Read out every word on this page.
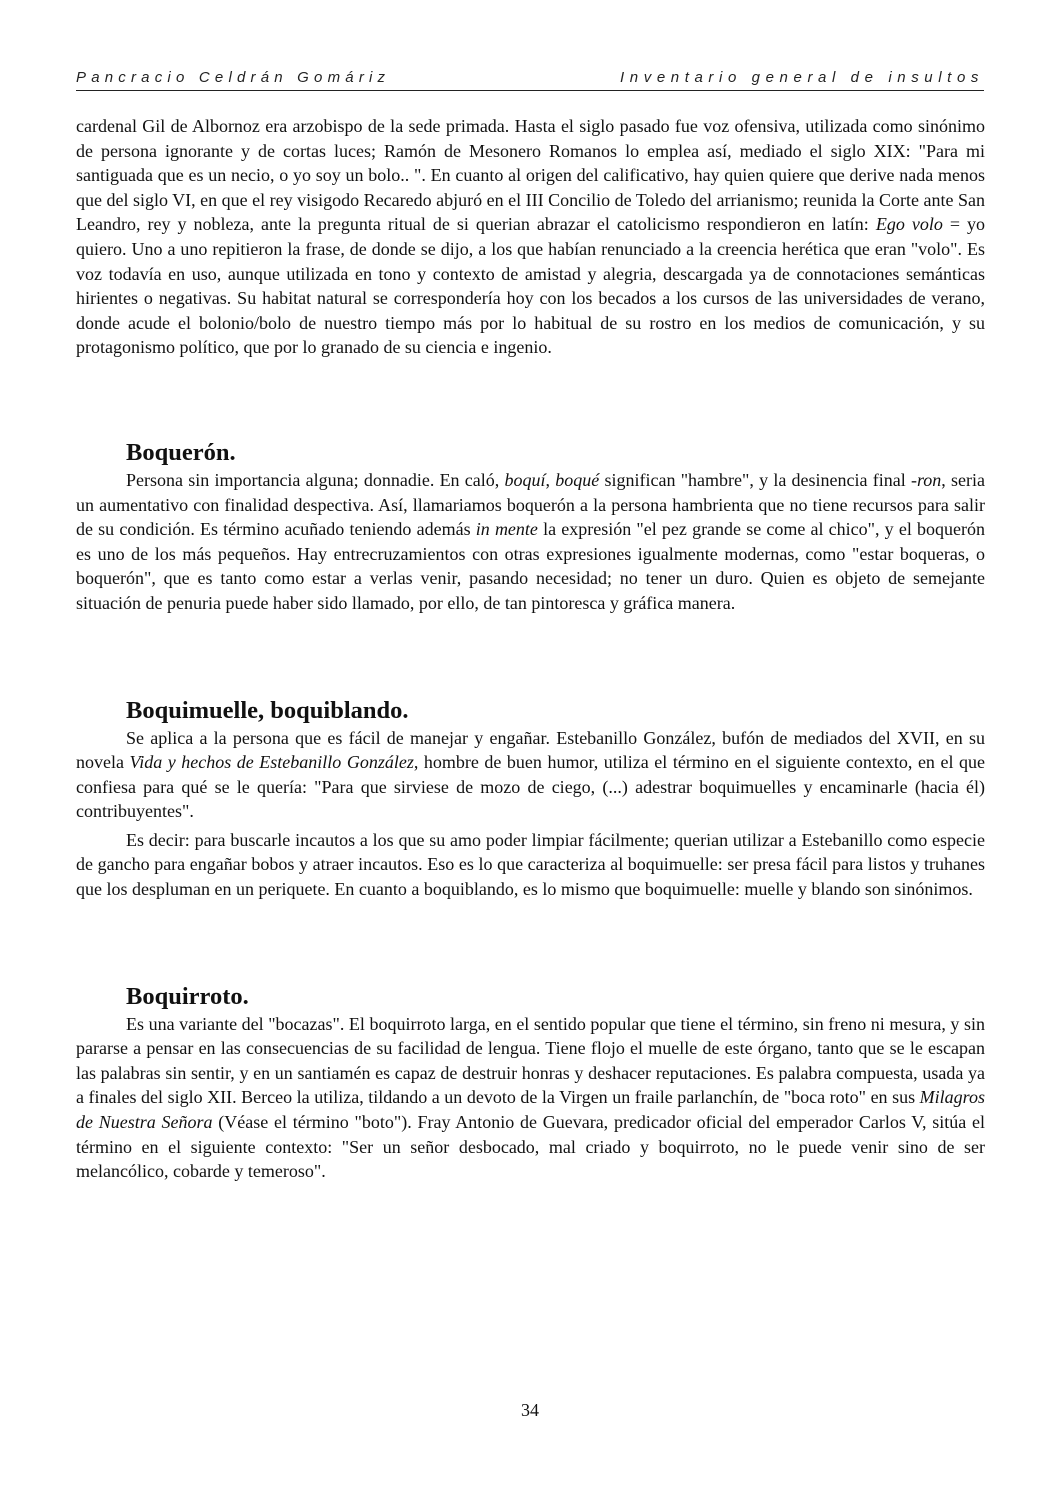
Pancracio Celdrán Gomáriz	Inventario general de insultos

cardenal Gil de Albornoz era arzobispo de la sede primada. Hasta el siglo pasado fue voz ofensiva, utilizada como sinónimo de persona ignorante y de cortas luces; Ramón de Mesonero Romanos lo emplea así, mediado el siglo XIX: "Para mi santiguada que es un necio, o yo soy un bolo.. ". En cuanto al origen del calificativo, hay quien quiere que derive nada menos que del siglo VI, en que el rey visigodo Recaredo abjuró en el III Concilio de Toledo del arrianismo; reunida la Corte ante San Leandro, rey y nobleza, ante la pregunta ritual de si querian abrazar el catolicismo respondieron en latín: Ego volo = yo quiero. Uno a uno repitieron la frase, de donde se dijo, a los que habían renunciado a la creencia herética que eran "volo". Es voz todavía en uso, aunque utilizada en tono y contexto de amistad y alegria, descargada ya de connotaciones semánticas hirientes o negativas. Su habitat natural se correspondería hoy con los becados a los cursos de las universidades de verano, donde acude el bolonio/bolo de nuestro tiempo más por lo habitual de su rostro en los medios de comunicación, y su protagonismo político, que por lo granado de su ciencia e ingenio.

Boquerón.

Persona sin importancia alguna; donnadie. En caló, boquí, boqué significan "hambre", y la desinencia final -ron, seria un aumentativo con finalidad despectiva. Así, llamariamos boquerón a la persona hambrienta que no tiene recursos para salir de su condición. Es término acuñado teniendo además in mente la expresión "el pez grande se come al chico", y el boquerón es uno de los más pequeños. Hay entrecruzamientos con otras expresiones igualmente modernas, como "estar boqueras, o boquerón", que es tanto como estar a verlas venir, pasando necesidad; no tener un duro. Quien es objeto de semejante situación de penuria puede haber sido llamado, por ello, de tan pintoresca y gráfica manera.

Boquimuelle, boquiblando.

Se aplica a la persona que es fácil de manejar y engañar. Estebanillo González, bufón de mediados del XVII, en su novela Vida y hechos de Estebanillo González, hombre de buen humor, utiliza el término en el siguiente contexto, en el que confiesa para qué se le quería: "Para que sirviese de mozo de ciego, (...) adestrar boquimuelles y encaminarle (hacia él) contribuyentes".

Es decir: para buscarle incautos a los que su amo poder limpiar fácilmente; querian utilizar a Estebanillo como especie de gancho para engañar bobos y atraer incautos. Eso es lo que caracteriza al boquimuelle: ser presa fácil para listos y truhanes que los despluman en un periquete. En cuanto a boquiblando, es lo mismo que boquimuelle: muelle y blando son sinónimos.

Boquirroto.

Es una variante del "bocazas". El boquirroto larga, en el sentido popular que tiene el término, sin freno ni mesura, y sin pararse a pensar en las consecuencias de su facilidad de lengua. Tiene flojo el muelle de este órgano, tanto que se le escapan las palabras sin sentir, y en un santiamén es capaz de destruir honras y deshacer reputaciones. Es palabra compuesta, usada ya a finales del siglo XII. Berceo la utiliza, tildando a un devoto de la Virgen un fraile parlanchín, de "boca roto" en sus Milagros de Nuestra Señora (Véase el término "boto"). Fray Antonio de Guevara, predicador oficial del emperador Carlos V, sitúa el término en el siguiente contexto: "Ser un señor desbocado, mal criado y boquirroto, no le puede venir sino de ser melancólico, cobarde y temeroso".

34
